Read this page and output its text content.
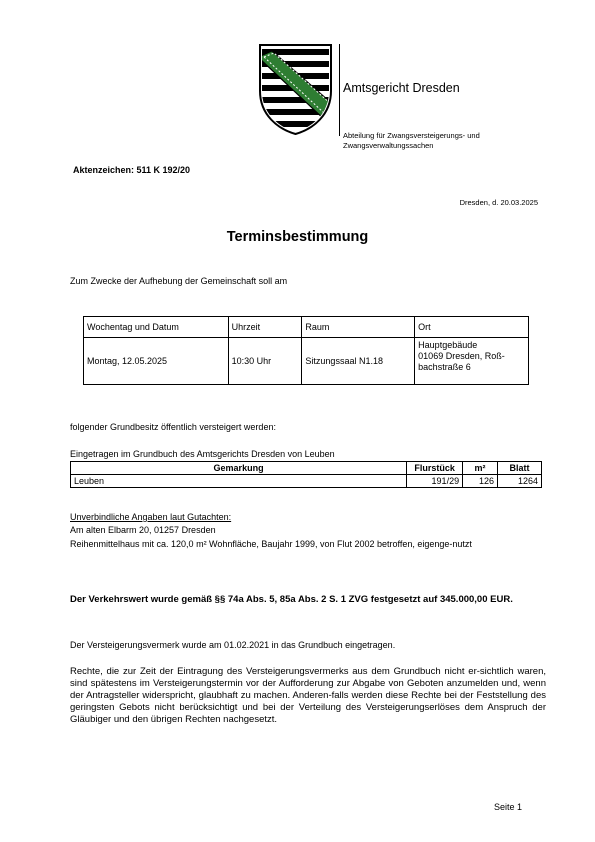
Amtsgericht Dresden
Abteilung für Zwangsversteigerungs- und
Zwangsverwaltungssachen
Aktenzeichen: 511 K 192/20
Dresden, d. 20.03.2025
Terminsbestimmung
Zum Zwecke der Aufhebung der Gemeinschaft soll am
Wochentag und Datum	Uhrzeit	Raum	Ort
Montag, 12.05.2025	10:30 Uhr	Sitzungssaal N1.18	Hauptgebäude
01069 Dresden, Roß-
bachstraße 6
folgender Grundbesitz öffentlich versteigert werden:
Eingetragen im Grundbuch des Amtsgerichts Dresden von Leuben
Gemarkung	Flurstück	m²	Blatt
Leuben	191/29	126	1264
Unverbindliche Angaben laut Gutachten:
Am alten Elbarm 20, 01257 Dresden
Reihenmittelhaus mit ca. 120,0 m² Wohnfläche, Baujahr 1999, von Flut 2002 betroffen, eigenge-nutzt
Der Verkehrswert wurde gemäß §§ 74a Abs. 5, 85a Abs. 2 S. 1 ZVG festgesetzt auf 345.000,00 EUR.
Der Versteigerungsvermerk wurde am 01.02.2021 in das Grundbuch eingetragen.
Rechte, die zur Zeit der Eintragung des Versteigerungsvermerks aus dem Grundbuch nicht er-sichtlich waren, sind spätestens im Versteigerungstermin vor der Aufforderung zur Abgabe von Geboten anzumelden und, wenn der Antragsteller widerspricht, glaubhaft zu machen. Anderen-falls werden diese Rechte bei der Feststellung des geringsten Gebots nicht berücksichtigt und bei der Verteilung des Versteigerungserlöses dem Anspruch der Gläubiger und den übrigen Rechten nachgesetzt.
Seite 1
